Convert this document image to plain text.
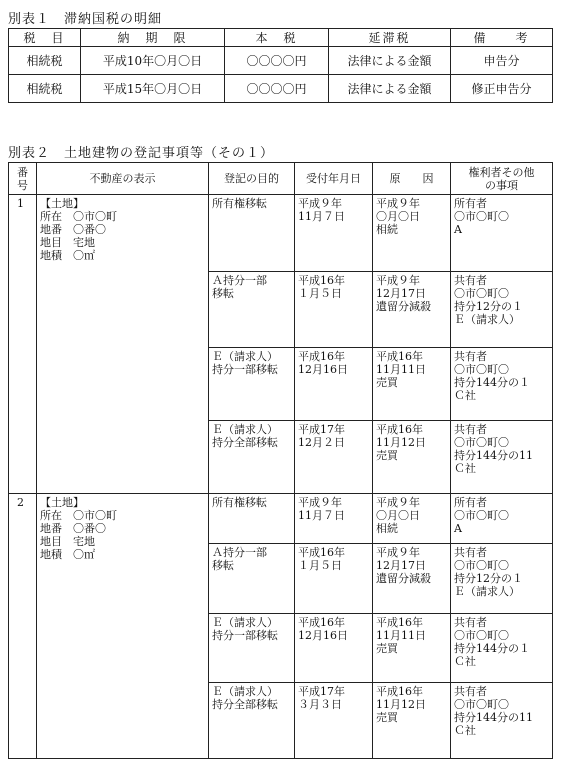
別表１　滞納国税の明細
税　目	納　期　限	本　税	延滞税	備　　考
相続税	平成10年〇月〇日	〇〇〇〇円	法律による金額	申告分
相続税	平成15年〇月〇日	〇〇〇〇円	法律による金額	修正申告分
別表２　土地建物の登記事項等（その１）
番
号	不動産の表示	登記の目的	受付年月日	原　　因	権利者その他
の事項

1	【土地】
所在　〇市〇町
地番　〇番〇
地目　宅地
地積　〇㎡	所有権移転	平成９年
11月７日	平成９年
〇月〇日
相続	所有者
〇市〇町〇
A

		Ａ持分一部
移転	平成16年
１月５日	平成９年
12月17日
遺留分減殺	共有者
〇市〇町〇
持分12分の１
Ｅ（請求人）

		Ｅ（請求人）
持分一部移転	平成16年
12月16日	平成16年
11月11日
売買	共有者
〇市〇町〇
持分144分の１
Ｃ社

		Ｅ（請求人）
持分全部移転	平成17年
12月２日	平成16年
11月12日
売買	共有者
〇市〇町〇
持分144分の11
Ｃ社

2	【土地】
所在　〇市〇町
地番　〇番〇
地目　宅地
地積　〇㎡	所有権移転	平成９年
11月７日	平成９年
〇月〇日
相続	所有者
〇市〇町〇
A

		Ａ持分一部
移転	平成16年
１月５日	平成９年
12月17日
遺留分減殺	共有者
〇市〇町〇
持分12分の１
Ｅ（請求人）

		Ｅ（請求人）
持分一部移転	平成16年
12月16日	平成16年
11月11日
売買	共有者
〇市〇町〇
持分144分の１
Ｃ社

		Ｅ（請求人）
持分全部移転	平成17年
３月３日	平成16年
11月12日
売買	共有者
〇市〇町〇
持分144分の11
Ｃ社
